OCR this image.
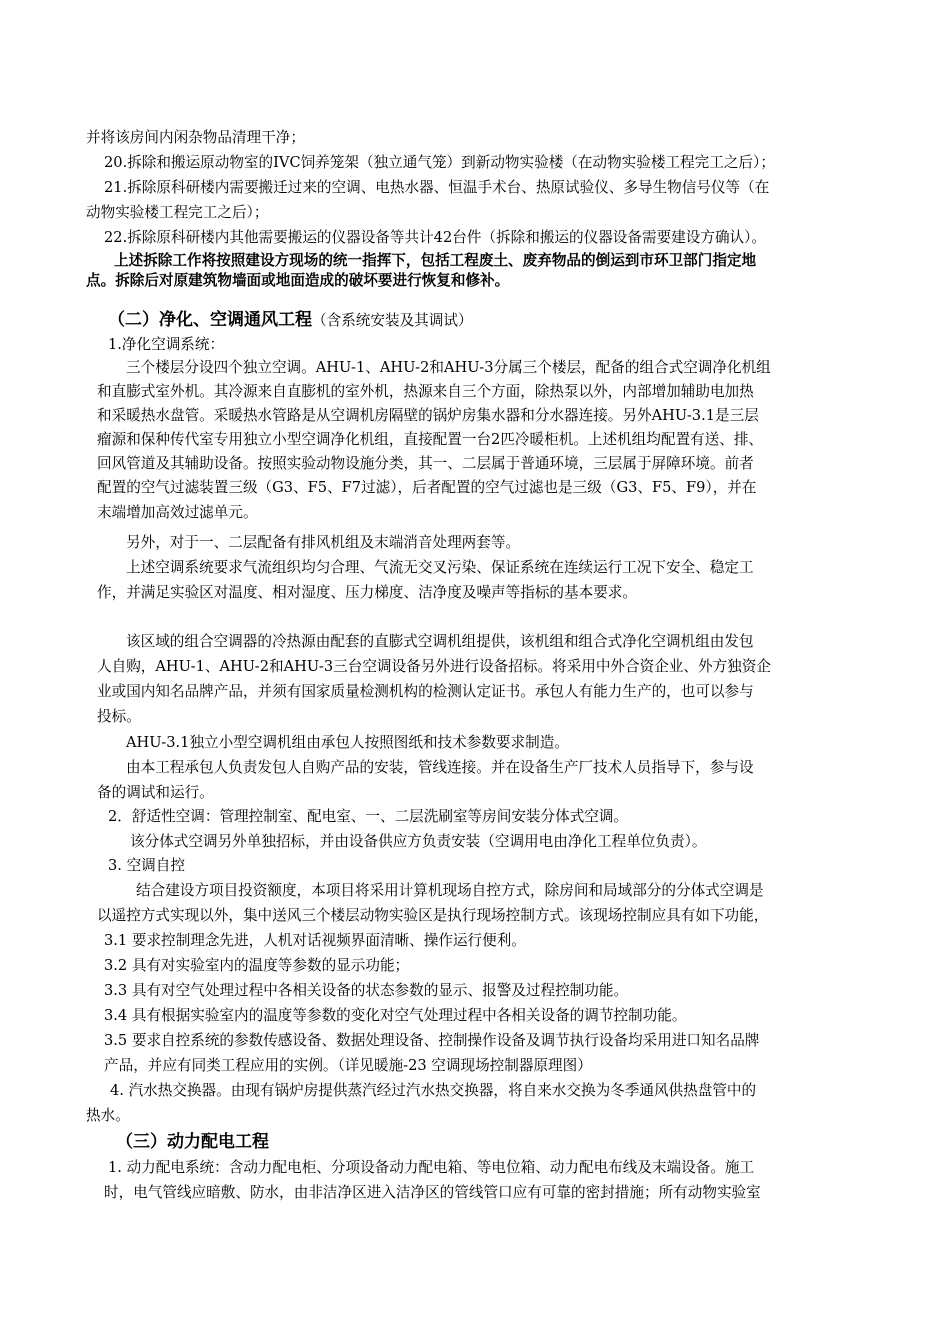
并将该房间内闲杂物品清理干净；
20.拆除和搬运原动物室的IVC饲养笼架（独立通气笼）到新动物实验楼（在动物实验楼工程完工之后）；
21.拆除原科研楼内需要搬迁过来的空调、电热水器、恒温手术台、热原试验仪、多导生物信号仪等（在
动物实验楼工程完工之后）；
22.拆除原科研楼内其他需要搬运的仪器设备等共计42台件（拆除和搬运的仪器设备需要建设方确认）。
上述拆除工作将按照建设方现场的统一指挥下，包括工程废土、废弃物品的倒运到市环卫部门指定地
点。拆除后对原建筑物墙面或地面造成的破坏要进行恢复和修补。
（二）净化、空调通风工程（含系统安装及其调试）
1.净化空调系统：
三个楼层分设四个独立空调。AHU-1、AHU-2和AHU-3分属三个楼层，配备的组合式空调净化机组
和直膨式室外机。其冷源来自直膨机的室外机，热源来自三个方面，除热泵以外，内部增加辅助电加热
和采暖热水盘管。采暖热水管路是从空调机房隔壁的锅炉房集水器和分水器连接。另外AHU-3.1是三层
瘤源和保种传代室专用独立小型空调净化机组，直接配置一台2匹冷暖柜机。上述机组均配置有送、排、
回风管道及其辅助设备。按照实验动物设施分类，其一、二层属于普通环境，三层属于屏障环境。前者
配置的空气过滤装置三级（G3、F5、F7过滤），后者配置的空气过滤也是三级（G3、F5、F9），并在
末端增加高效过滤单元。
另外，对于一、二层配备有排风机组及末端消音处理两套等。
上述空调系统要求气流组织均匀合理、气流无交叉污染、保证系统在连续运行工况下安全、稳定工
作，并满足实验区对温度、相对湿度、压力梯度、洁净度及噪声等指标的基本要求。
该区域的组合空调器的冷热源由配套的直膨式空调机组提供，该机组和组合式净化空调机组由发包
人自购，AHU-1、AHU-2和AHU-3三台空调设备另外进行设备招标。将采用中外合资企业、外方独资企
业或国内知名品牌产品，并须有国家质量检测机构的检测认定证书。承包人有能力生产的，也可以参与
投标。
AHU-3.1独立小型空调机组由承包人按照图纸和技术参数要求制造。
由本工程承包人负责发包人自购产品的安装，管线连接。并在设备生产厂技术人员指导下，参与设
备的调试和运行。
2．舒适性空调：管理控制室、配电室、一、二层洗刷室等房间安装分体式空调。
该分体式空调另外单独招标，并由设备供应方负责安装（空调用电由净化工程单位负责）。
3. 空调自控
结合建设方项目投资额度，本项目将采用计算机现场自控方式，除房间和局域部分的分体式空调是
以遥控方式实现以外，集中送风三个楼层动物实验区是执行现场控制方式。该现场控制应具有如下功能，
3.1 要求控制理念先进，人机对话视频界面清晰、操作运行便利。
3.2 具有对实验室内的温度等参数的显示功能；
3.3 具有对空气处理过程中各相关设备的状态参数的显示、报警及过程控制功能。
3.4 具有根据实验室内的温度等参数的变化对空气处理过程中各相关设备的调节控制功能。
3.5 要求自控系统的参数传感设备、数据处理设备、控制操作设备及调节执行设备均采用进口知名品牌
产品，并应有同类工程应用的实例。（详见暖施-23 空调现场控制器原理图）
4. 汽水热交换器。由现有锅炉房提供蒸汽经过汽水热交换器，将自来水交换为冬季通风供热盘管中的
热水。
（三）动力配电工程
1. 动力配电系统：含动力配电柜、分项设备动力配电箱、等电位箱、动力配电布线及末端设备。施工
时，电气管线应暗敷、防水，由非洁净区进入洁净区的管线管口应有可靠的密封措施；所有动物实验室
